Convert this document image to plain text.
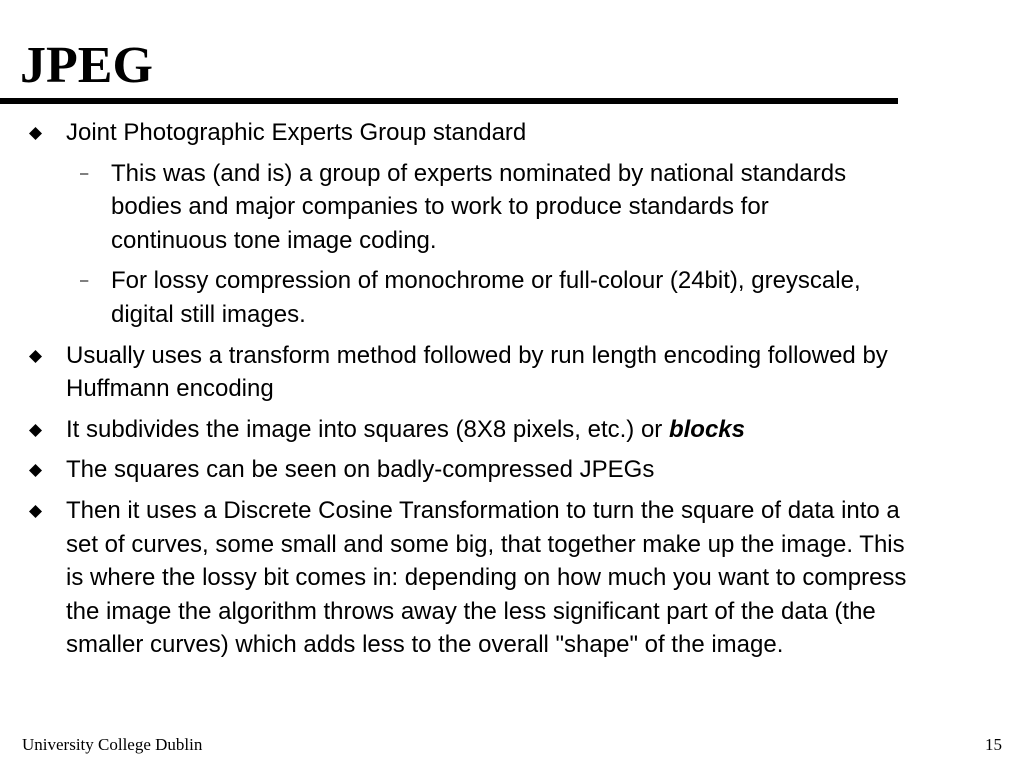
JPEG
Joint Photographic Experts Group standard
– This was (and is) a group of experts nominated by national standards bodies and major companies to work to produce standards for continuous tone image coding.
– For lossy compression of monochrome or full-colour (24bit), greyscale, digital still images.
Usually uses a transform method followed by run length encoding followed by Huffmann encoding
It subdivides the image into squares (8X8 pixels, etc.) or blocks
The squares can be seen on badly-compressed JPEGs
Then it uses a Discrete Cosine Transformation to turn the square of data into a set of curves, some small and some big, that together make up the image. This is where the lossy bit comes in: depending on how much you want to compress the image the algorithm throws away the less significant part of the data (the smaller curves) which adds less to the overall "shape" of the image.
University College Dublin	15
